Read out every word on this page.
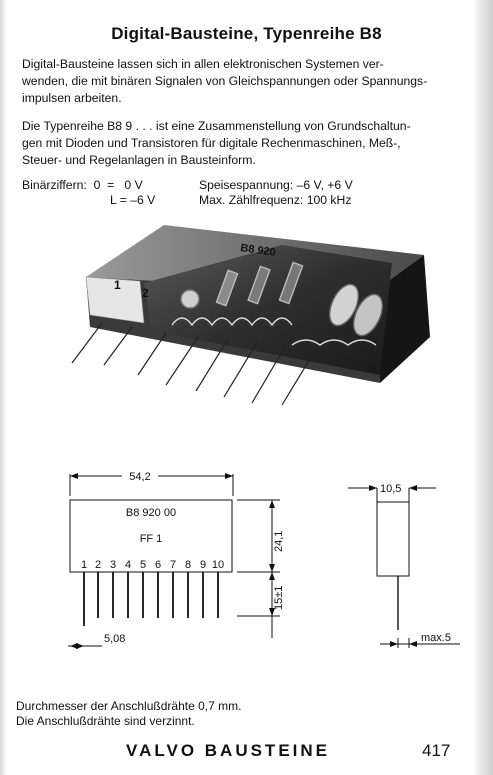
Digital-Bausteine, Typenreihe B8
Digital-Bausteine lassen sich in allen elektronischen Systemen ver-
wenden, die mit binären Signalen von Gleichspannungen oder Spannungs-
impulsen arbeiten.
Die Typenreihe B8 9 . . . ist eine Zusammenstellung von Grundschaltun-
gen mit Dioden und Transistoren für digitale Rechenmaschinen, Meß-,
Steuer- und Regelanlagen in Bausteinform.
Binärziffern: 0  =   0 V
L = –6 V
Speisespannung: –6 V, +6 V
Max. Zählfrequenz: 100 kHz
B8 920
1
2
54,2
B8 920 00
FF 1
1 2 3 4 5 6 7 8 9 10
24,1
15±1
5,08
10,5
max.5
Durchmesser der Anschlußdrähte 0,7 mm.
Die Anschlußdrähte sind verzinnt.
VALVO BAUSTEINE	417
